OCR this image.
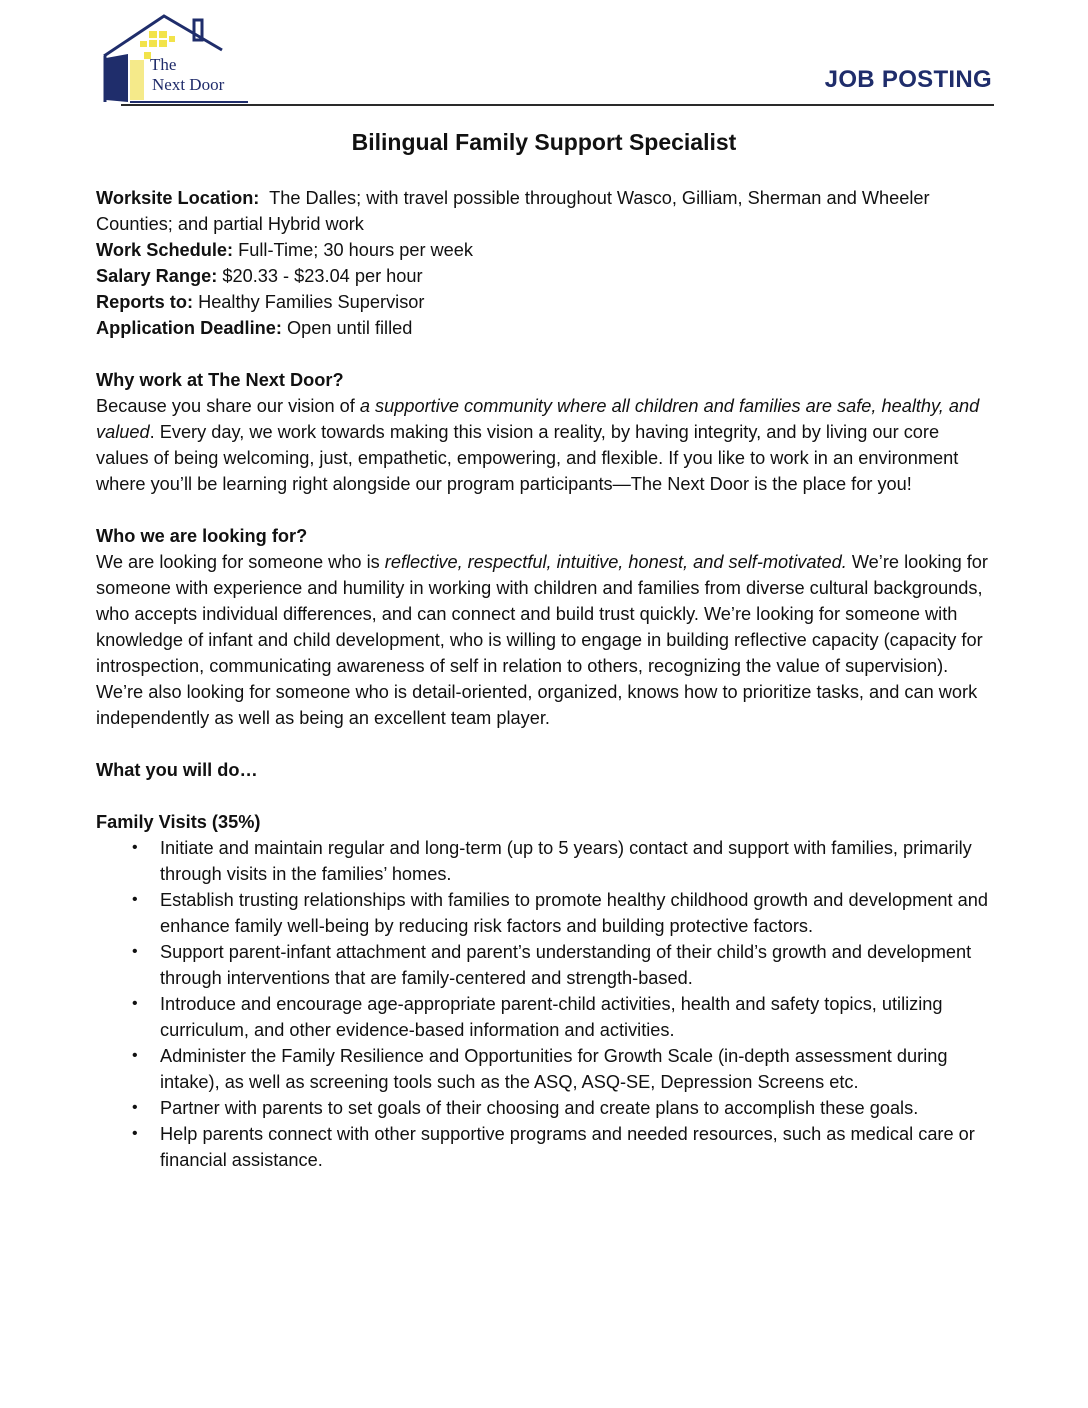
The
Next Door	JOB POSTING
Bilingual Family Support Specialist

Worksite Location: The Dalles; with travel possible throughout Wasco, Gilliam, Sherman and Wheeler Counties; and partial Hybrid work

Work Schedule: Full-Time; 30 hours per week

Salary Range: $20.33 - $23.04 per hour

Reports to: Healthy Families Supervisor

Application Deadline: Open until filled

Why work at The Next Door?

Because you share our vision of a supportive community where all children and families are safe, healthy, and valued. Every day, we work towards making this vision a reality, by having integrity, and by living our core values of being welcoming, just, empathetic, empowering, and flexible. If you like to work in an environment where you’ll be learning right alongside our program participants—The Next Door is the place for you!

Who we are looking for?

We are looking for someone who is reflective, respectful, intuitive, honest, and self-motivated. We’re looking for someone with experience and humility in working with children and families from diverse cultural backgrounds, who accepts individual differences, and can connect and build trust quickly. We’re looking for someone with knowledge of infant and child development, who is willing to engage in building reflective capacity (capacity for introspection, communicating awareness of self in relation to others, recognizing the value of supervision). We’re also looking for someone who is detail-oriented, organized, knows how to prioritize tasks, and can work independently as well as being an excellent team player.

What you will do…

Family Visits (35%)

• Initiate and maintain regular and long-term (up to 5 years) contact and support with families, primarily through visits in the families’ homes.
• Establish trusting relationships with families to promote healthy childhood growth and development and enhance family well-being by reducing risk factors and building protective factors.
• Support parent-infant attachment and parent’s understanding of their child’s growth and development through interventions that are family-centered and strength-based.
• Introduce and encourage age-appropriate parent-child activities, health and safety topics, utilizing curriculum, and other evidence-based information and activities.
• Administer the Family Resilience and Opportunities for Growth Scale (in-depth assessment during intake), as well as screening tools such as the ASQ, ASQ-SE, Depression Screens etc.
• Partner with parents to set goals of their choosing and create plans to accomplish these goals.
• Help parents connect with other supportive programs and needed resources, such as medical care or financial assistance.
